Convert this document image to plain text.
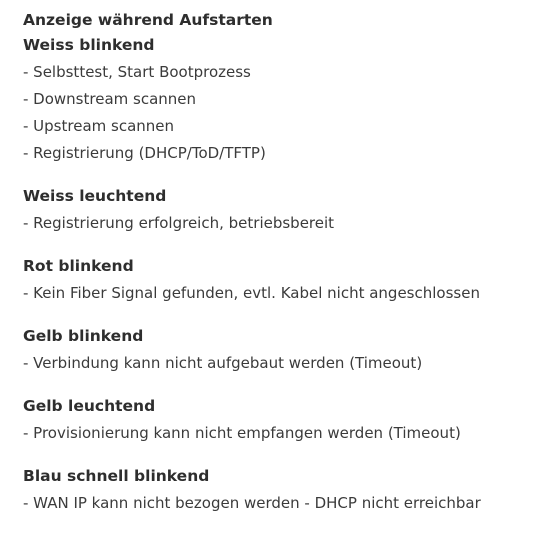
Anzeige während Aufstarten

Weiss blinkend

- Selbsttest, Start Bootprozess

- Downstream scannen

- Upstream scannen

- Registrierung (DHCP/ToD/TFTP)

Weiss leuchtend

- Registrierung erfolgreich, betriebsbereit

Rot blinkend

- Kein Fiber Signal gefunden, evtl. Kabel nicht angeschlossen

Gelb blinkend

- Verbindung kann nicht aufgebaut werden (Timeout)

Gelb leuchtend

- Provisionierung kann nicht empfangen werden (Timeout)

Blau schnell blinkend

- WAN IP kann nicht bezogen werden - DHCP nicht erreichbar
